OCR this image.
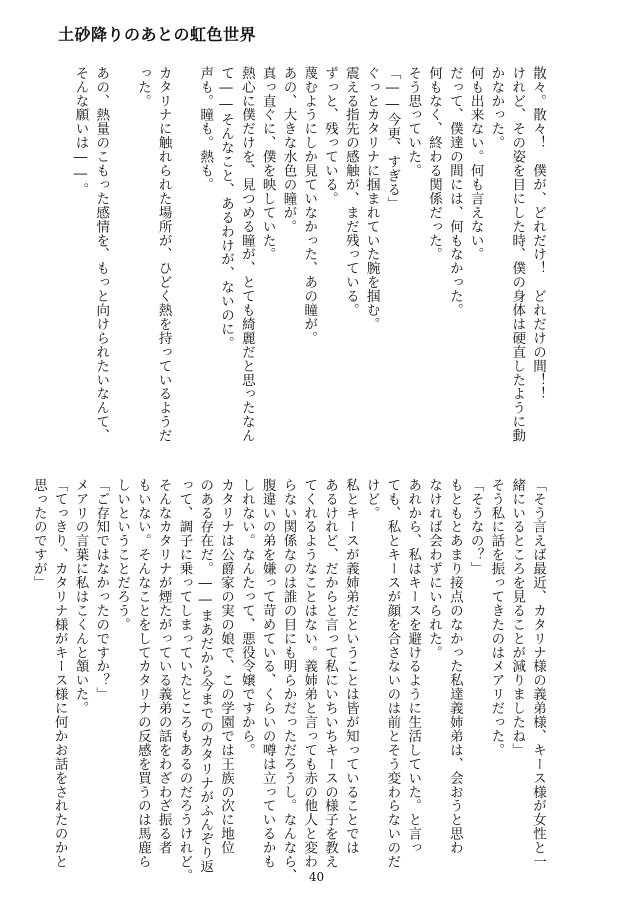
土砂降りのあとの虹色世界
散々。散々！　僕が、どれだけ！　どれだけの間！！
けれど、その姿を目にした時、僕の身体は硬直したように動
かなかった。
何も出来ない。何も言えない。
だって、僕達の間には、何もなかった。
何もなく、終わる関係だった。
そう思っていた。
「――今更、すぎる」
ぐっとカタリナに掴まれていた腕を掴む。
震える指先の感触が、まだ残っている。
ずっと、残っている。
蔑むようにしか見ていなかった、あの瞳が。
あの、大きな水色の瞳が。
真っ直ぐに、僕を映していた。
熱心に僕だけを、見つめる瞳が、とても綺麗だと思ったなん
て――そんなこと、あるわけが、ないのに。
声も。瞳も。熱も。

カタリナに触れられた場所が、ひどく熱を持っているようだ
った。

あの、熱量のこもった感情を、もっと向けられたいなんて、
そんな願いは――。
「そう言えば最近、カタリナ様の義弟様、キース様が女性と一
緒にいるところを見ることが減りましたね」
そう私に話を振ってきたのはメアリだった。
「そうなの？」
もともとあまり接点のなかった私達義姉弟は、会おうと思わ
なければ会わずにいられた。
あれから、私はキースを避けるように生活していた。と言っ
ても、私とキースが顔を合さないのは前とそう変わらないのだ
けど。
私とキースが義姉弟だということは皆が知っていることでは
あるけれど、だからと言って私にいちいちキースの様子を教え
てくれるようなことはない。義姉弟と言っても赤の他人と変わ
らない関係なのは誰の目にも明らかだっただろうし。なんなら、
腹違いの弟を嫌って苛めている、くらいの噂は立っているかも
しれない。なんたって、悪役令嬢ですから。
カタリナは公爵家の実の娘で、この学園では王族の次に地位
のある存在だ。――まあだから今までのカタリナがふんぞり返
って、調子に乗ってしまっていたところもあるのだろうけれど。
そんなカタリナが煙たがっている義弟の話をわざわざ振る者
もいない。そんなことをしてカタリナの反感を買うのは馬鹿ら
しいということだろう。
「ご存知ではなかったのですか？」
メアリの言葉に私はこくんと頷いた。
「てっきり、カタリナ様がキース様に何かお話をされたのかと
思ったのですが」
40
